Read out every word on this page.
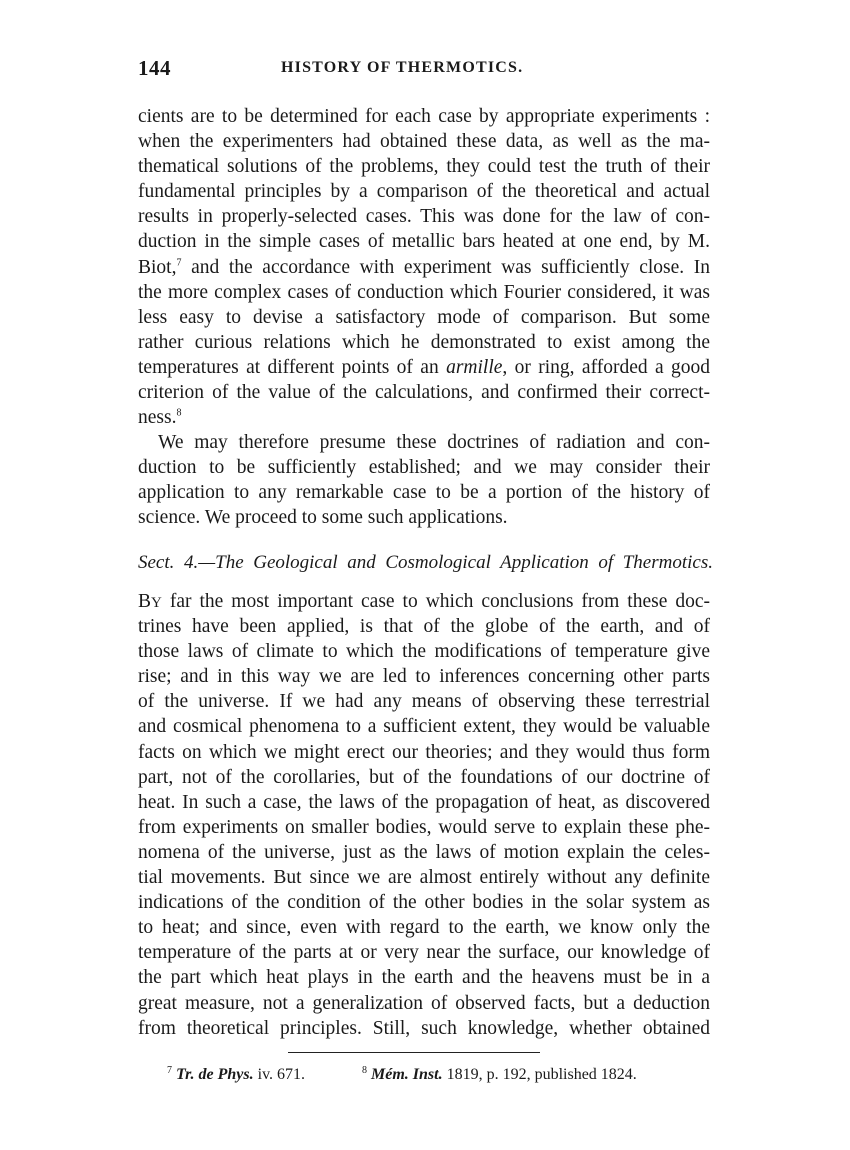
144	HISTORY OF THERMOTICS.
cients are to be determined for each case by appropriate experiments :
when the experimenters had obtained these data, as well as the ma-
thematical solutions of the problems, they could test the truth of their
fundamental principles by a comparison of the theoretical and actual
results in properly-selected cases. This was done for the law of con-
duction in the simple cases of metallic bars heated at one end, by M.
Biot,$^7$ and the accordance with experiment was sufficiently close. In
the more complex cases of conduction which Fourier considered, it was
less easy to devise a satisfactory mode of comparison. But some
rather curious relations which he demonstrated to exist among the
temperatures at different points of an armille, or ring, afforded a good
criterion of the value of the calculations, and confirmed their correct-
ness.$^8$
We may therefore presume these doctrines of radiation and con-
duction to be sufficiently established; and we may consider their
application to any remarkable case to be a portion of the history of
science. We proceed to some such applications.
Sect. 4.—The Geological and Cosmological Application of Thermotics.
BY far the most important case to which conclusions from these doc-
trines have been applied, is that of the globe of the earth, and of
those laws of climate to which the modifications of temperature give
rise; and in this way we are led to inferences concerning other parts
of the universe. If we had any means of observing these terrestrial
and cosmical phenomena to a sufficient extent, they would be valuable
facts on which we might erect our theories; and they would thus form
part, not of the corollaries, but of the foundations of our doctrine of
heat. In such a case, the laws of the propagation of heat, as discovered
from experiments on smaller bodies, would serve to explain these phe-
nomena of the universe, just as the laws of motion explain the celes-
tial movements. But since we are almost entirely without any definite
indications of the condition of the other bodies in the solar system as
to heat; and since, even with regard to the earth, we know only the
temperature of the parts at or very near the surface, our knowledge of
the part which heat plays in the earth and the heavens must be in a
great measure, not a generalization of observed facts, but a deduction
from theoretical principles. Still, such knowledge, whether obtained
$^7$ Tr. de Phys. iv. 671.	$^8$ Mém. Inst. 1819, p. 192, published 1824.
